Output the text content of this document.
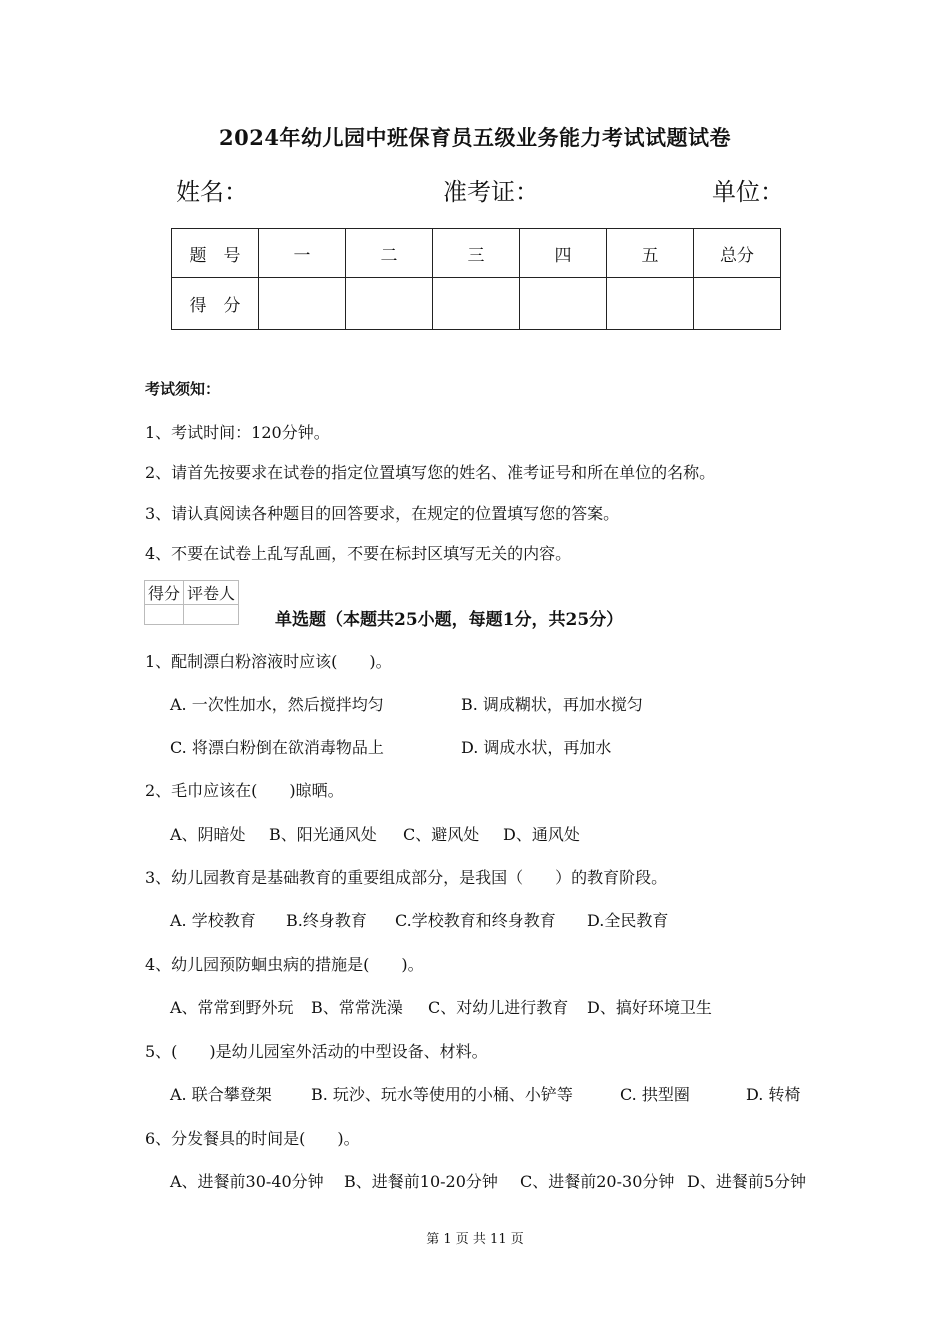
2024年幼儿园中班保育员五级业务能力考试试题试卷
姓名：	准考证：	单位：
题　号	一	二	三	四	五	总分
得　分						
考试须知：
1、考试时间：120分钟。
2、请首先按要求在试卷的指定位置填写您的姓名、准考证号和所在单位的名称。
3、请认真阅读各种题目的回答要求，在规定的位置填写您的答案。
4、不要在试卷上乱写乱画，不要在标封区填写无关的内容。
得分	评卷人

单选题（本题共25小题，每题1分，共25分）
1、配制漂白粉溶液时应该(　　)。
A. 一次性加水，然后搅拌均匀	B. 调成糊状，再加水搅匀
C. 将漂白粉倒在欲消毒物品上	D. 调成水状，再加水
2、毛巾应该在(　　)晾晒。
A、阴暗处 B、阳光通风处 C、避风处 D、通风处
3、幼儿园教育是基础教育的重要组成部分，是我国（　　）的教育阶段。
A. 学校教育 B.终身教育 C.学校教育和终身教育 D.全民教育
4、幼儿园预防蛔虫病的措施是(　　)。
A、常常到野外玩 B、常常洗澡 C、对幼儿进行教育 D、搞好环境卫生
5、(　　)是幼儿园室外活动的中型设备、材料。
A. 联合攀登架 B. 玩沙、玩水等使用的小桶、小铲等	C. 拱型圈	D. 转椅
6、分发餐具的时间是(　　)。
A、进餐前30-40分钟 B、进餐前10-20分钟 C、进餐前20-30分钟 D、进餐前5分钟
第 1 页 共 11 页
